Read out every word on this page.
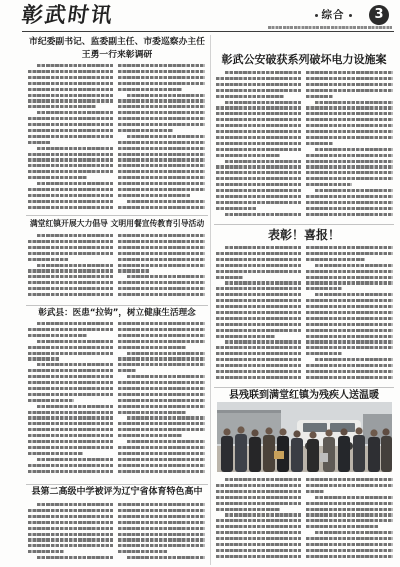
彰武时讯	综合	3
市纪委副书记、监委副主任、市委巡察办主任
王勇一行来彰调研
满堂红镇开展大力倡导 文明用餐宣传教育引导活动
彰武县：医患“拉钩”，树立健康生活理念
县第二高级中学被评为辽宁省体育特色高中
彰武公安破获系列破坏电力设施案
表彰！喜报！
县残联到满堂红镇为残疾人送温暖
